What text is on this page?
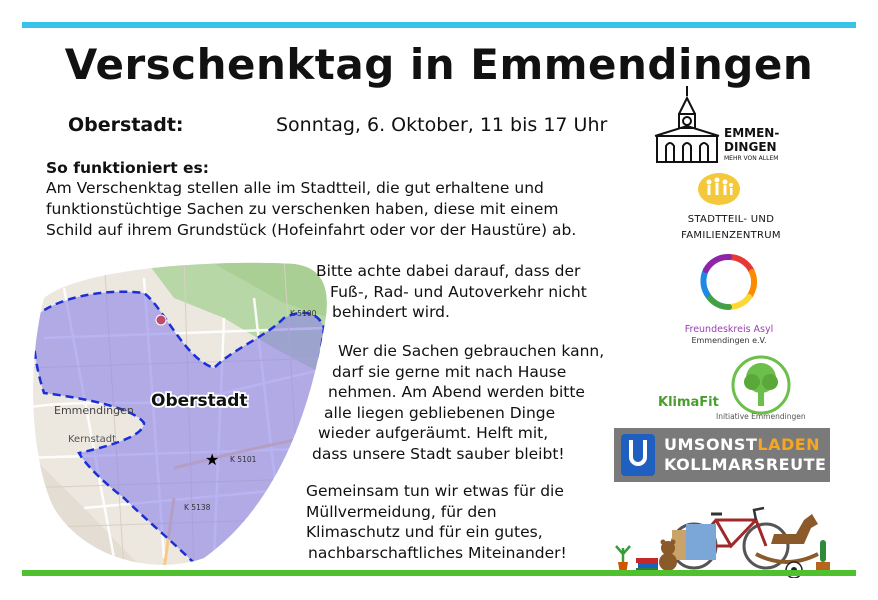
Verschenktag in Emmendingen
Oberstadt:	Sonntag, 6. Oktober, 11 bis 17 Uhr
So funktioniert es:
Am Verschenktag stellen alle im Stadtteil, die gut erhaltene und
funktionstüchtige Sachen zu verschenken haben, diese mit einem
Schild auf ihrem Grundstück (Hofeinfahrt oder vor der Haustüre) ab.
Emmendingen
Kernstadt
K 5100
K 5101
K 5138
Oberstadt
★
Bitte achte dabei darauf, dass der
Fuß-, Rad- und Autoverkehr nicht
behindert wird.
Wer die Sachen gebrauchen kann,
darf sie gerne mit nach Hause
nehmen. Am Abend werden bitte
alle liegen gebliebenen Dinge
wieder aufgeräumt. Helft mit,
dass unsere Stadt sauber bleibt!
Gemeinsam tun wir etwas für die
Müllvermeidung, für den
Klimaschutz und für ein gutes,
nachbarschaftliches Miteinander!
EMMEN-
DINGEN
MEHR VON ALLEM
STADTTEIL- UND
FAMILIENZENTRUM
Freundeskreis Asyl
Emmendingen e.V.
KlimaFit
Initiative Emmendingen
UMSONSTLADEN
KOLLMARSREUTE
